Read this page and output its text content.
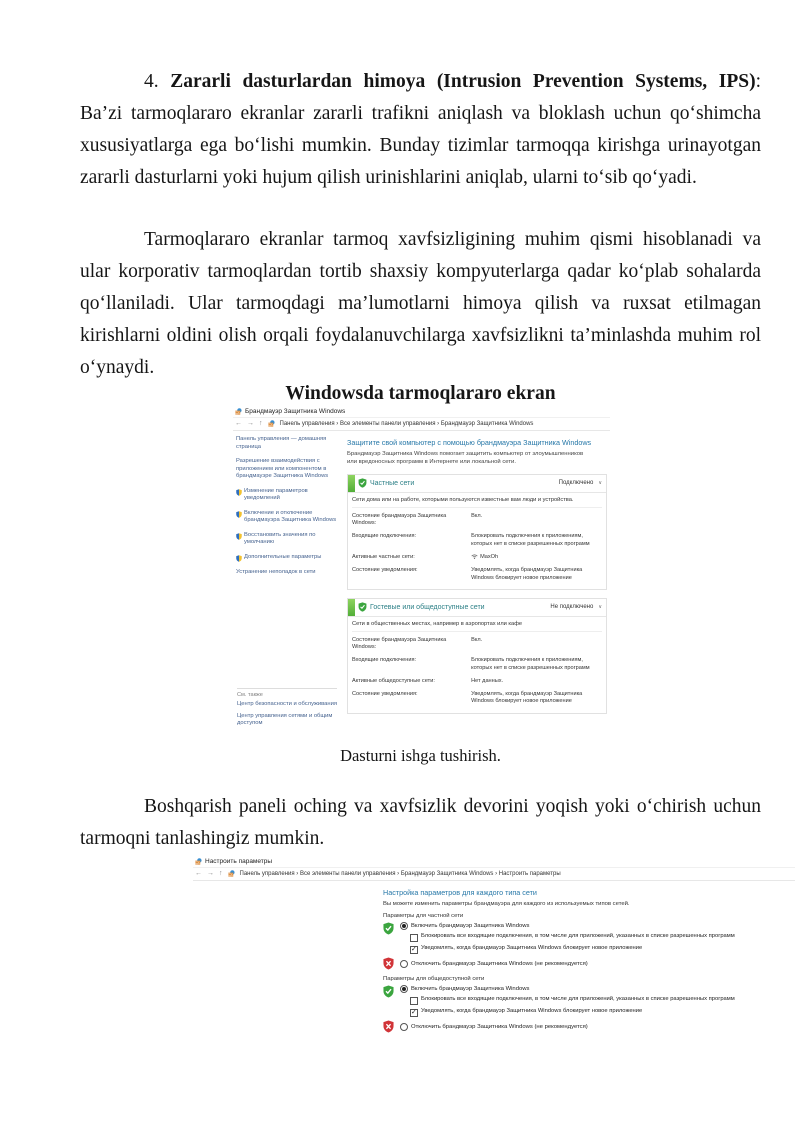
4. Zararli dasturlardan himoya (Intrusion Prevention Systems, IPS): Ba’zi tarmoqlararo ekranlar zararli trafikni aniqlash va bloklash uchun qoʻshimcha xususiyatlarga ega boʻlishi mumkin. Bunday tizimlar tarmoqqa kirishga urinayotgan zararli dasturlarni yoki hujum qilish urinishlarini aniqlab, ularni toʻsib qoʻyadi.

Tarmoqlararo ekranlar tarmoq xavfsizligining muhim qismi hisoblanadi va ular korporativ tarmoqlardan tortib shaxsiy kompyuterlarga qadar koʻplab sohalarda qoʻllaniladi. Ular tarmoqdagi ma’lumotlarni himoya qilish va ruxsat etilmagan kirishlarni oldini olish orqali foydalanuvchilarga xavfsizlikni ta’minlashda muhim rol oʻynaydi.

Windowsda tarmoqlararo ekran
Брандмауэр Защитника Windows
← → ↑	Панель управления › Все элементы панели управления › Брандмауэр Защитника Windows
Панель управления — домашняя страница
Разрешение взаимодействия с приложением или компонентом в брандмауэре Защитника Windows
Изменение параметров уведомлений
Включение и отключение брандмауэра Защитника Windows
Восстановить значения по умолчанию
Дополнительные параметры
Устранение неполадок в сети
Защитите свой компьютер с помощью брандмауэра Защитника Windows
Брандмауэр Защитника Windows помогает защитить компьютер от злоумышленников или вредоносных программ в Интернете или локальной сети.
Частные сети	Подключено ∨
Сети дома или на работе, которыми пользуются известные вам люди и устройства.
Состояние брандмауэра Защитника Windows:
Вкл.
Входящие подключения:	Блокировать подключения к приложениям, которых нет в списке разрешенных программ
Активные частные сети:	MaxOh
Состояние уведомления:	Уведомлять, когда брандмауэр Защитника Windows блокирует новое приложение
Гостевые или общедоступные сети	Не подключено ∨
Сети в общественных местах, например в аэропортах или кафе
Состояние брандмауэра Защитника Windows:
Вкл.
Входящие подключения:	Блокировать подключения к приложениям, которых нет в списке разрешенных программ
Активные общедоступные сети:	Нет данных.
Состояние уведомления:	Уведомлять, когда брандмауэр Защитника Windows блокирует новое приложение
См. также
Центр безопасности и обслуживания
Центр управления сетями и общим доступом

Dasturni ishga tushirish.

Boshqarish paneli oching va xavfsizlik devorini yoqish yoki oʻchirish uchun tarmoqni tanlashingiz mumkin.

Настроить параметры
← → ↑	Панель управления › Все элементы панели управления › Брандмауэр Защитника Windows › Настроить параметры
Настройка параметров для каждого типа сети
Вы можете изменить параметры брандмауэра для каждого из используемых типов сетей.
Параметры для частной сети
Включить брандмауэр Защитника Windows
Блокировать все входящие подключения, в том числе для приложений, указанных в списке разрешенных программ
✓
Уведомлять, когда брандмауэр Защитника Windows блокирует новое приложение
Отключить брандмауэр Защитника Windows (не рекомендуется)
Параметры для общедоступной сети
Включить брандмауэр Защитника Windows
Блокировать все входящие подключения, в том числе для приложений, указанных в списке разрешенных программ
✓
Уведомлять, когда брандмауэр Защитника Windows блокирует новое приложение
Отключить брандмауэр Защитника Windows (не рекомендуется)
